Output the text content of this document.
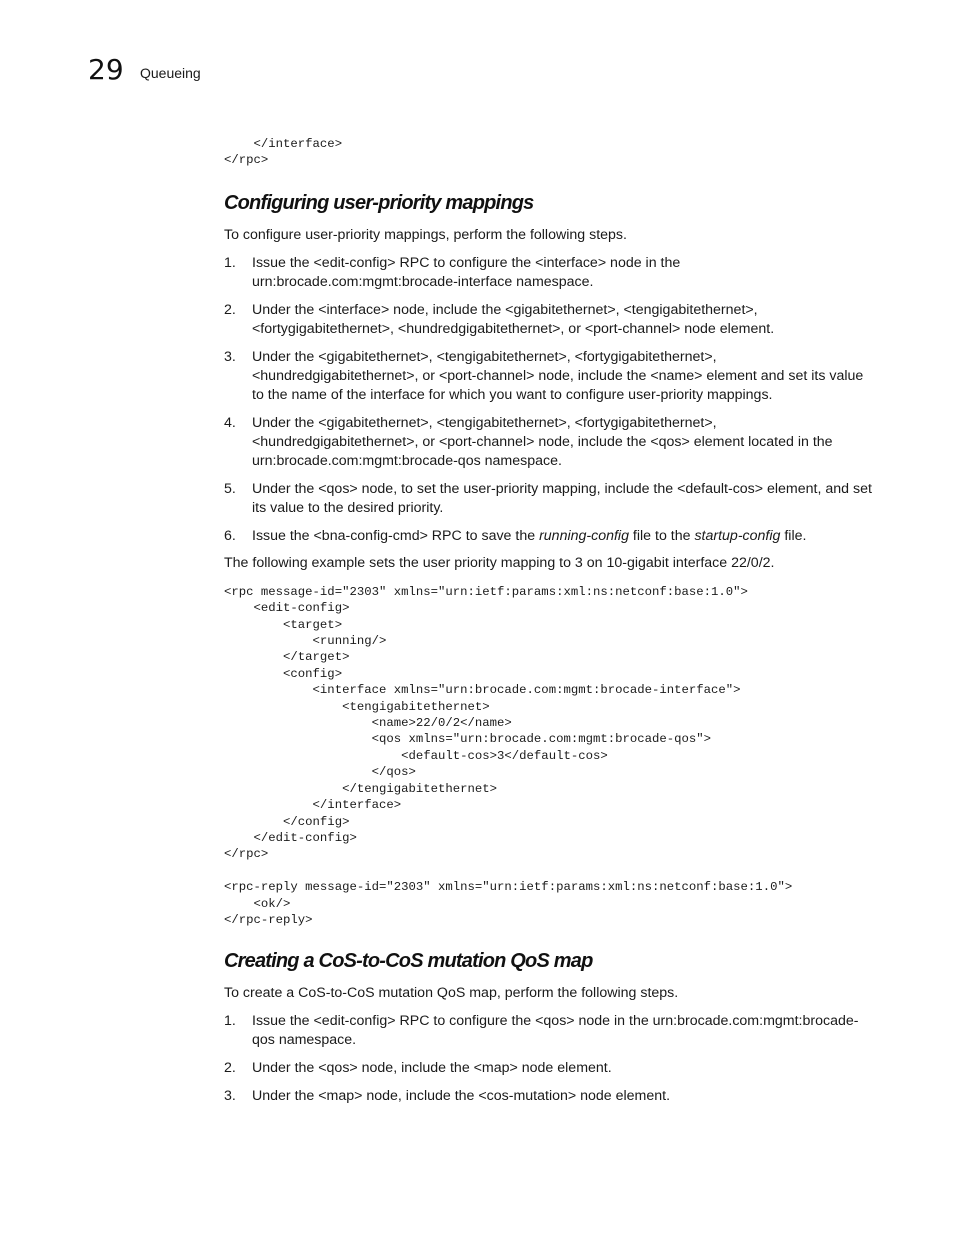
29 Queueing
</interface>
</rpc>
Configuring user-priority mappings

To configure user-priority mappings, perform the following steps.

1. Issue the <edit-config> RPC to configure the <interface> node in the urn:brocade.com:mgmt:brocade-interface namespace.
2. Under the <interface> node, include the <gigabitethernet>, <tengigabitethernet>, <fortygigabitethernet>, <hundredgigabitethernet>, or <port-channel> node element.
3. Under the <gigabitethernet>, <tengigabitethernet>, <fortygigabitethernet>, <hundredgigabitethernet>, or <port-channel> node, include the <name> element and set its value to the name of the interface for which you want to configure user-priority mappings.
4. Under the <gigabitethernet>, <tengigabitethernet>, <fortygigabitethernet>, <hundredgigabitethernet>, or <port-channel> node, include the <qos> element located in the urn:brocade.com:mgmt:brocade-qos namespace.
5. Under the <qos> node, to set the user-priority mapping, include the <default-cos> element, and set its value to the desired priority.
6. Issue the <bna-config-cmd> RPC to save the running-config file to the startup-config file.

The following example sets the user priority mapping to 3 on 10-gigabit interface 22/0/2.

<rpc message-id="2303" xmlns="urn:ietf:params:xml:ns:netconf:base:1.0">
<edit-config>
<target>
<running/>
</target>
<config>
<interface xmlns="urn:brocade.com:mgmt:brocade-interface">
<tengigabitethernet>
<name>22/0/2</name>
<qos xmlns="urn:brocade.com:mgmt:brocade-qos">
<default-cos>3</default-cos>
</qos>
</tengigabitethernet>
</interface>
</config>
</edit-config>
</rpc>

<rpc-reply message-id="2303" xmlns="urn:ietf:params:xml:ns:netconf:base:1.0">
<ok/>
</rpc-reply>
Creating a CoS-to-CoS mutation QoS map

To create a CoS-to-CoS mutation QoS map, perform the following steps.

1. Issue the <edit-config> RPC to configure the <qos> node in the urn:brocade.com:mgmt:brocade-qos namespace.
2. Under the <qos> node, include the <map> node element.
3. Under the <map> node, include the <cos-mutation> node element.
